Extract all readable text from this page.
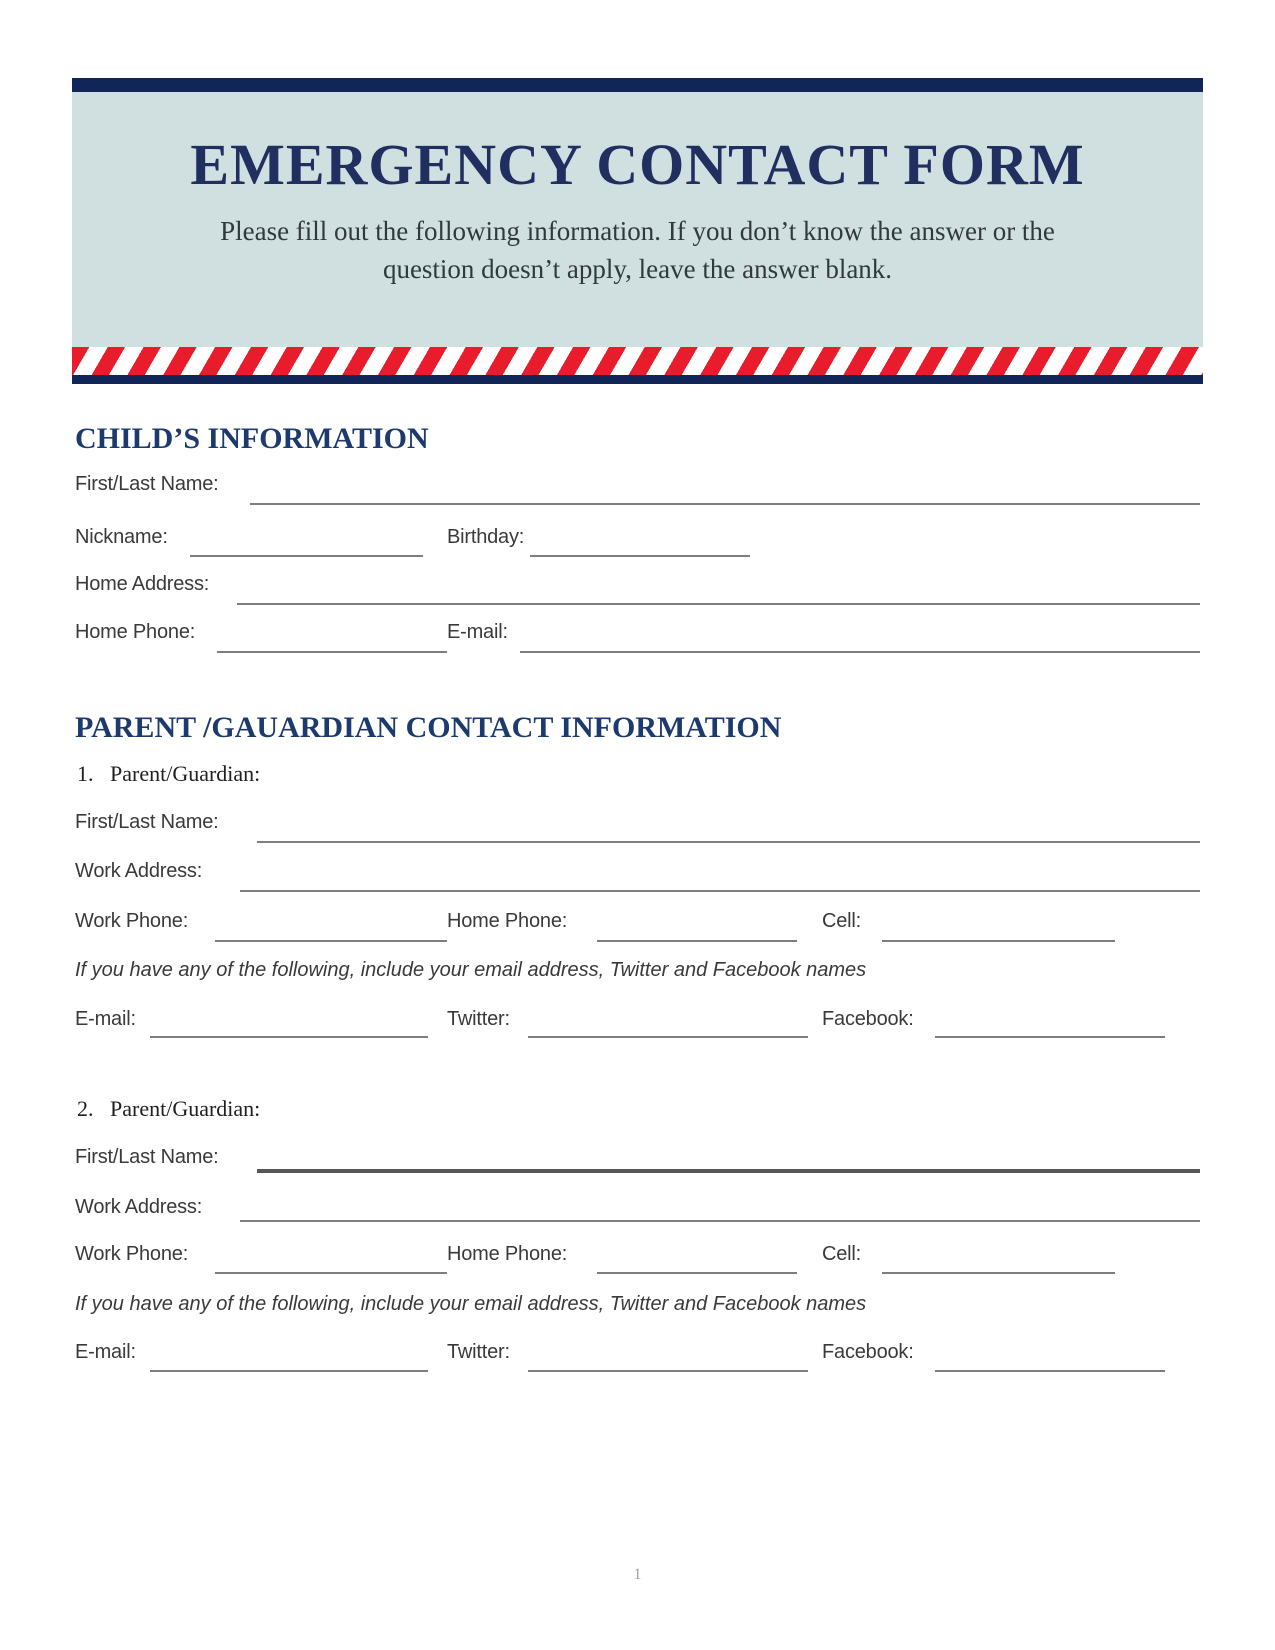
EMERGENCY CONTACT FORM

Please fill out the following information. If you don’t know the answer or the
question doesn’t apply, leave the answer blank.

CHILD’S INFORMATION
First/Last Name:
Nickname:	Birthday:
Home Address:
Home Phone:	E-mail:
PARENT /GAUARDIAN CONTACT INFORMATION
1. Parent/Guardian:
First/Last Name:
Work Address:
Work Phone:	Home Phone:	Cell:
If you have any of the following, include your email address, Twitter and Facebook names
E-mail:	Twitter:	Facebook:
2. Parent/Guardian:
First/Last Name:
Work Address:
Work Phone:	Home Phone:	Cell:
If you have any of the following, include your email address, Twitter and Facebook names
E-mail:	Twitter:	Facebook:
1
